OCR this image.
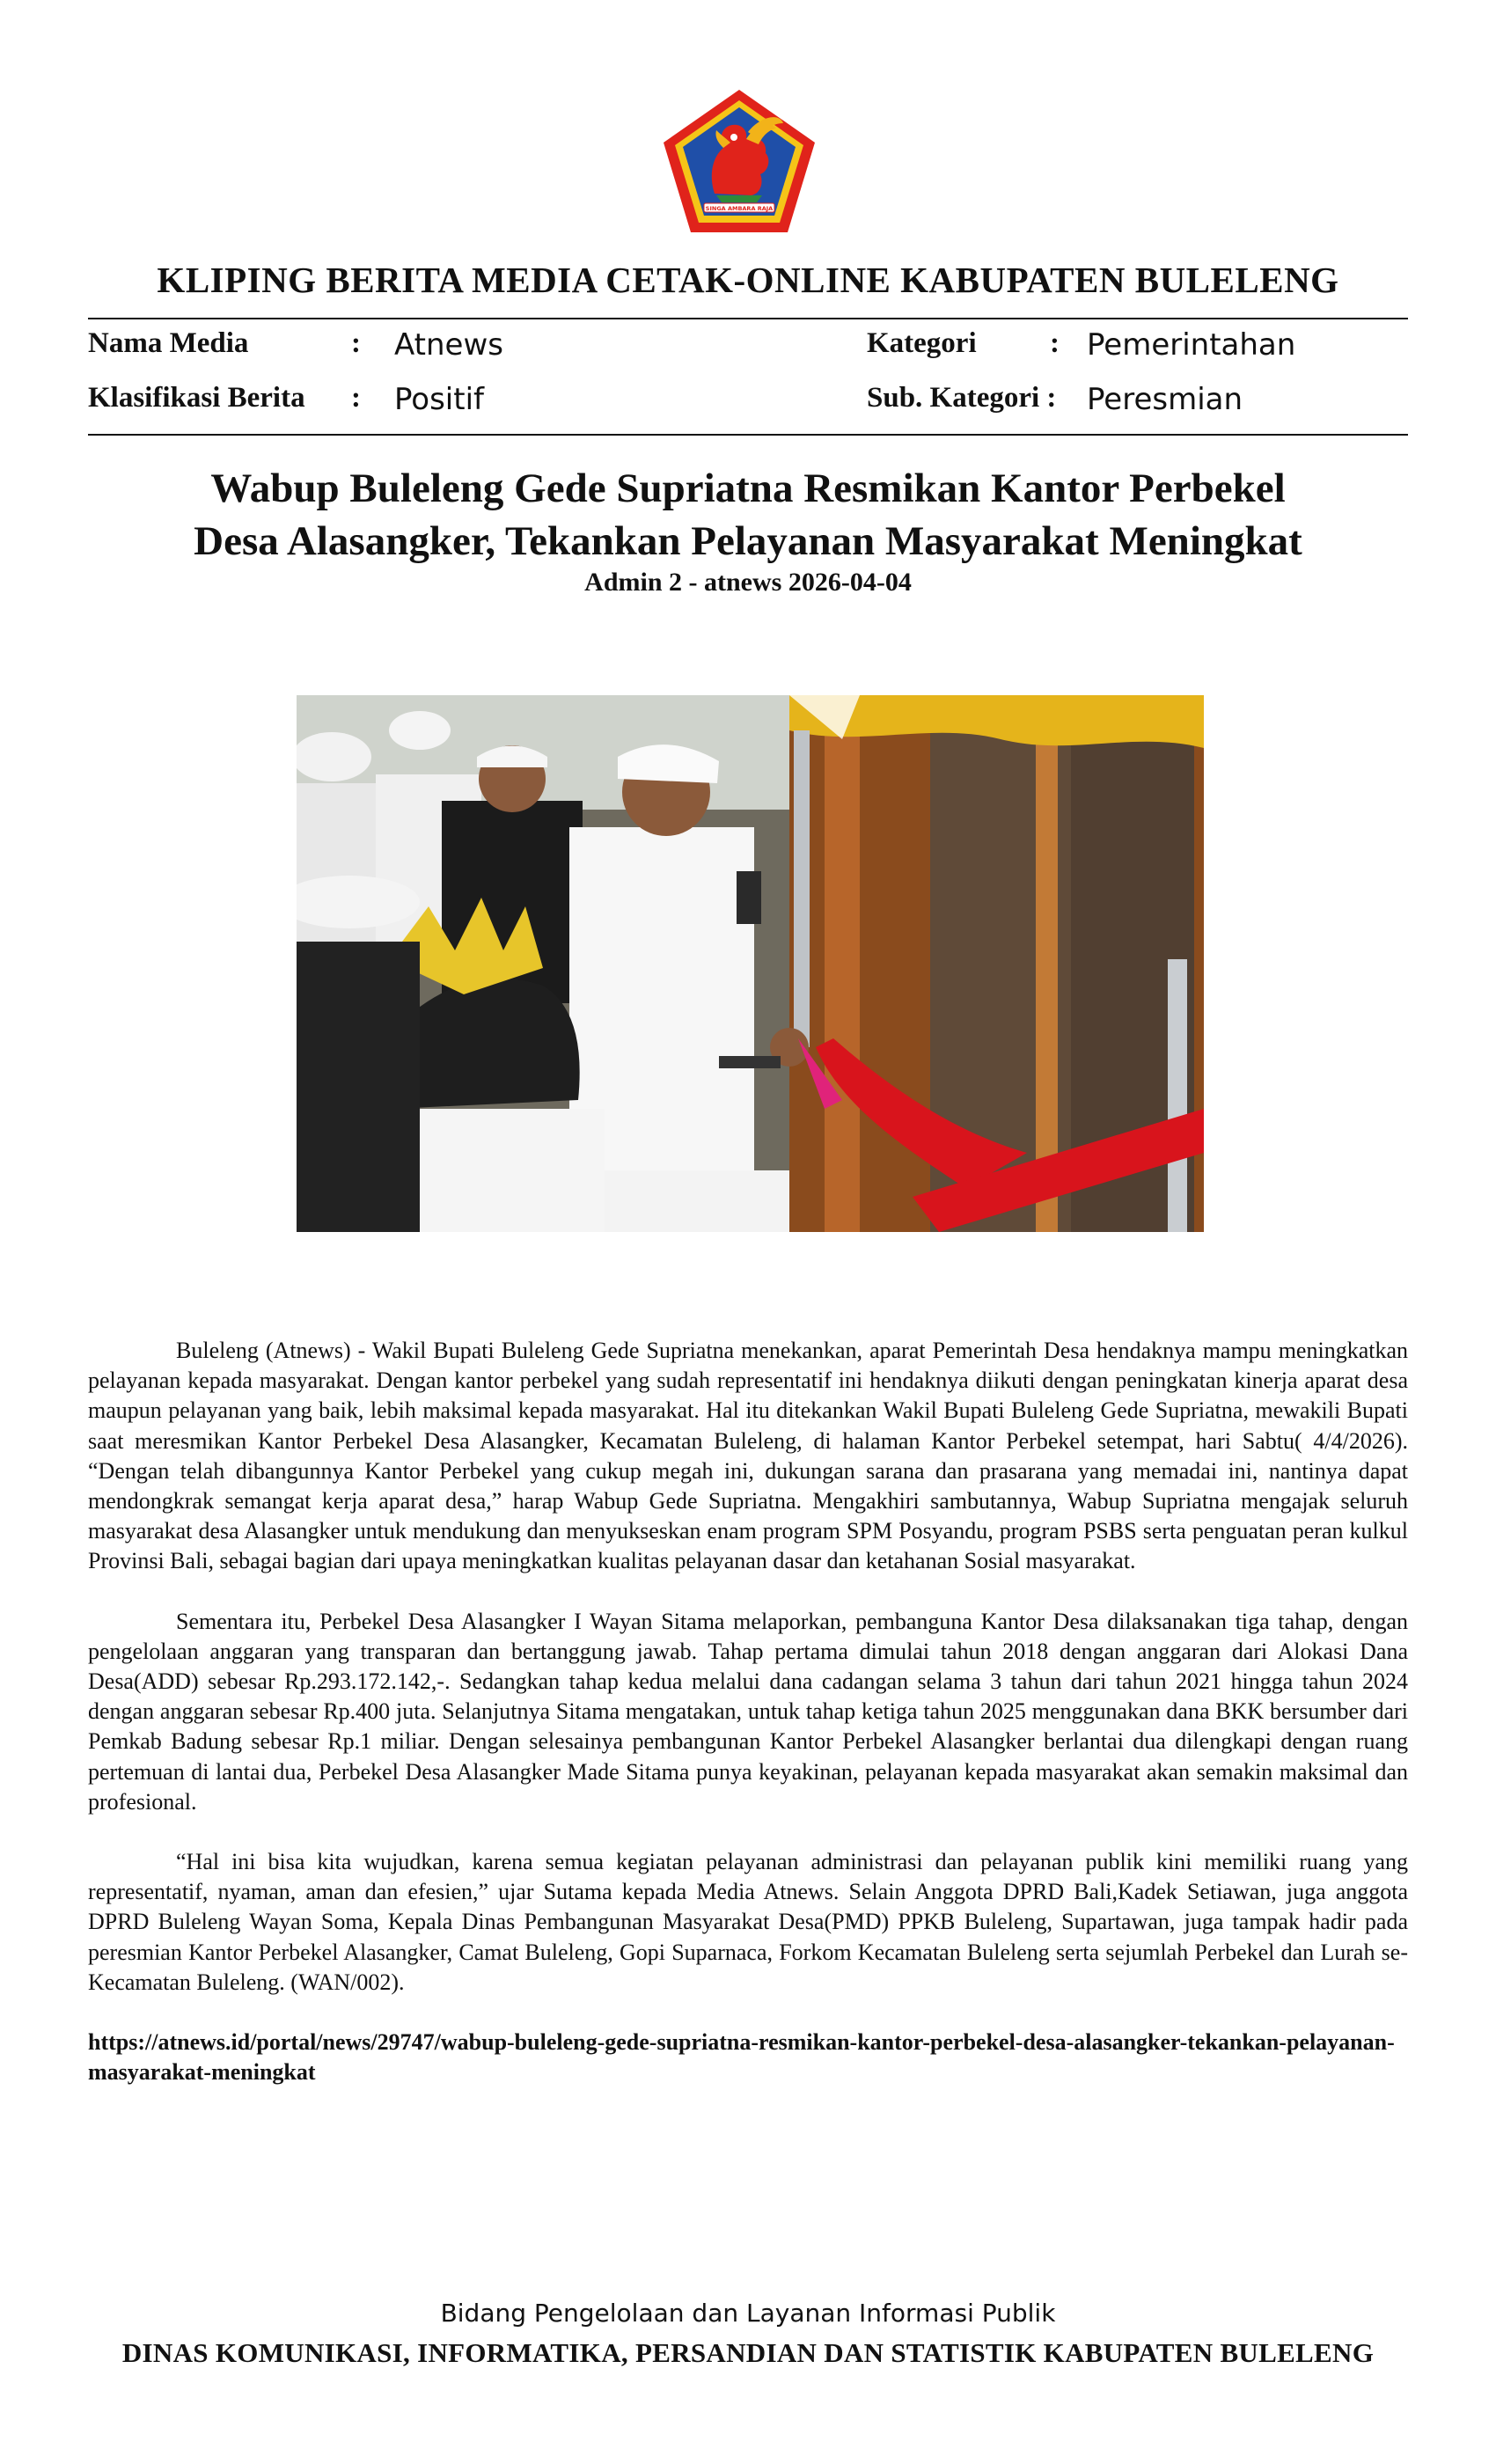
SINGA AMBARA RAJA
KLIPING BERITA MEDIA CETAK-ONLINE KABUPATEN BULELENG
Nama Media	: Atnews
Klasifikasi Berita : Positif
Kategori	: Pemerintahan
Sub. Kategori : Peresmian
Wabup Buleleng Gede Supriatna Resmikan Kantor Perbekel
Desa Alasangker, Tekankan Pelayanan Masyarakat Meningkat
Admin 2 - atnews 2026-04-04

Buleleng (Atnews) - Wakil Bupati Buleleng Gede Supriatna menekankan, aparat Pemerintah Desa hendaknya mampu meningkatkan pelayanan kepada masyarakat. Dengan kantor perbekel yang sudah representatif ini hendaknya diikuti dengan peningkatan kinerja aparat desa maupun pelayanan yang baik, lebih maksimal kepada masyarakat. Hal itu ditekankan Wakil Bupati Buleleng Gede Supriatna, mewakili Bupati saat meresmikan Kantor Perbekel Desa Alasangker, Kecamatan Buleleng, di halaman Kantor Perbekel setempat, hari Sabtu( 4/4/2026). “Dengan telah dibangunnya Kantor Perbekel yang cukup megah ini, dukungan sarana dan prasarana yang memadai ini, nantinya dapat mendongkrak semangat kerja aparat desa,” harap Wabup Gede Supriatna. Mengakhiri sambutannya, Wabup Supriatna mengajak seluruh masyarakat desa Alasangker untuk mendukung dan menyukseskan enam program SPM Posyandu, program PSBS serta penguatan peran kulkul Provinsi Bali, sebagai bagian dari upaya meningkatkan kualitas pelayanan dasar dan ketahanan Sosial masyarakat.

Sementara itu, Perbekel Desa Alasangker I Wayan Sitama melaporkan, pembanguna Kantor Desa dilaksanakan tiga tahap, dengan pengelolaan anggaran yang transparan dan bertanggung jawab. Tahap pertama dimulai tahun 2018 dengan anggaran dari Alokasi Dana Desa(ADD) sebesar Rp.293.172.142,-. Sedangkan tahap kedua melalui dana cadangan selama 3 tahun dari tahun 2021 hingga tahun 2024 dengan anggaran sebesar Rp.400 juta. Selanjutnya Sitama mengatakan, untuk tahap ketiga tahun 2025 menggunakan dana BKK bersumber dari Pemkab Badung sebesar Rp.1 miliar. Dengan selesainya pembangunan Kantor Perbekel Alasangker berlantai dua dilengkapi dengan ruang pertemuan di lantai dua, Perbekel Desa Alasangker Made Sitama punya keyakinan, pelayanan kepada masyarakat akan semakin maksimal dan profesional.

“Hal ini bisa kita wujudkan, karena semua kegiatan pelayanan administrasi dan pelayanan publik kini memiliki ruang yang representatif, nyaman, aman dan efesien,” ujar Sutama kepada Media Atnews. Selain Anggota DPRD Bali,Kadek Setiawan, juga anggota DPRD Buleleng Wayan Soma, Kepala Dinas Pembangunan Masyarakat Desa(PMD) PPKB Buleleng, Supartawan, juga tampak hadir pada peresmian Kantor Perbekel Alasangker, Camat Buleleng, Gopi Suparnaca, Forkom Kecamatan Buleleng serta sejumlah Perbekel dan Lurah se-Kecamatan Buleleng. (WAN/002).

https://atnews.id/portal/news/29747/wabup-buleleng-gede-supriatna-resmikan-kantor-perbekel-desa-alasangker-tekankan-pelayanan-masyarakat-meningkat

Bidang Pengelolaan dan Layanan Informasi Publik
DINAS KOMUNIKASI, INFORMATIKA, PERSANDIAN DAN STATISTIK KABUPATEN BULELENG
